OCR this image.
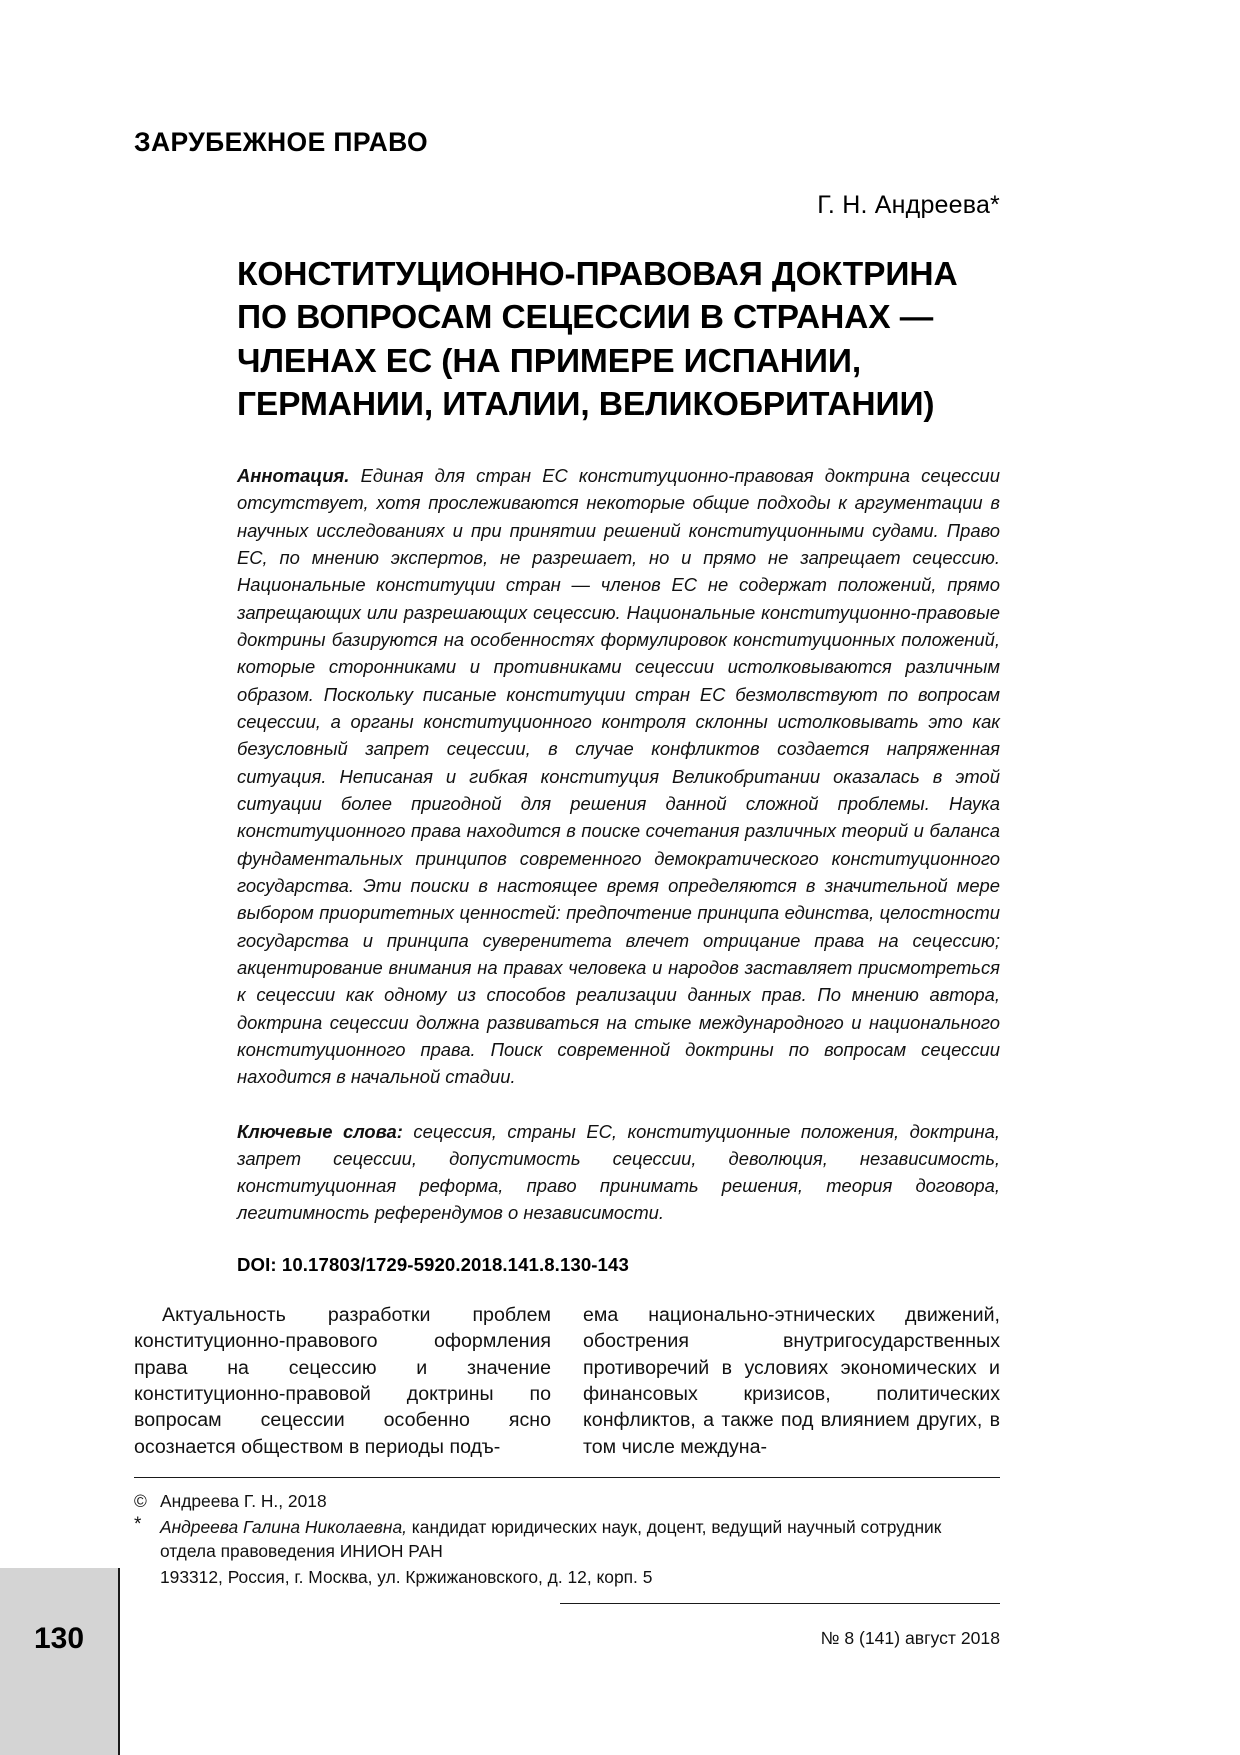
ЗАРУБЕЖНОЕ ПРАВО
Г. Н. Андреева*
КОНСТИТУЦИОННО-ПРАВОВАЯ ДОКТРИНА
ПО ВОПРОСАМ СЕЦЕССИИ В СТРАНАХ —
ЧЛЕНАХ ЕС (НА ПРИМЕРЕ ИСПАНИИ,
ГЕРМАНИИ, ИТАЛИИ, ВЕЛИКОБРИТАНИИ)
Аннотация. Единая для стран ЕС конституционно-правовая доктрина сецессии отсутствует, хотя прослеживаются некоторые общие подходы к аргументации в научных исследованиях и при принятии решений конституционными судами. Право ЕС, по мнению экспертов, не разрешает, но и прямо не запрещает сецессию. Национальные конституции стран — членов ЕС не содержат положений, прямо запрещающих или разрешающих сецессию. Национальные конституционно-правовые доктрины базируются на особенностях формулировок конституционных положений, которые сторонниками и противниками сецессии истолковываются различным образом. Поскольку писаные конституции стран ЕС безмолвствуют по вопросам сецессии, а органы конституционного контроля склонны истолковывать это как безусловный запрет сецессии, в случае конфликтов создается напряженная ситуация. Неписаная и гибкая конституция Великобритании оказалась в этой ситуации более пригодной для решения данной сложной проблемы. Наука конституционного права находится в поиске сочетания различных теорий и баланса фундаментальных принципов современного демократического конституционного государства. Эти поиски в настоящее время определяются в значительной мере выбором приоритетных ценностей: предпочтение принципа единства, целостности государства и принципа суверенитета влечет отрицание права на сецессию; акцентирование внимания на правах человека и народов заставляет присмотреться к сецессии как одному из способов реализации данных прав. По мнению автора, доктрина сецессии должна развиваться на стыке международного и национального конституционного права. Поиск современной доктрины по вопросам сецессии находится в начальной стадии.
Ключевые слова: сецессия, страны ЕС, конституционные положения, доктрина, запрет сецессии, допустимость сецессии, деволюция, независимость, конституционная реформа, право принимать решения, теория договора, легитимность референдумов о независимости.
DOI: 10.17803/1729-5920.2018.141.8.130-143

Актуальность разработки проблем конституционно-правового оформления права на сецессию и значение конституционно-правовой доктрины по вопросам сецессии особенно ясно осознается обществом в периоды подъ-

ема национально-этнических движений, обострения внутригосударственных противоречий в условиях экономических и финансовых кризисов, политических конфликтов, а также под влиянием других, в том числе междуна-

© Андреева Г. Н., 2018
*	Андреева Галина Николаевна, кандидат юридических наук, доцент, ведущий научный сотрудник отдела правоведения ИНИОН РАН
193312, Россия, г. Москва, ул. Кржижановского, д. 12, корп. 5
130	№ 8 (141) август 2018
